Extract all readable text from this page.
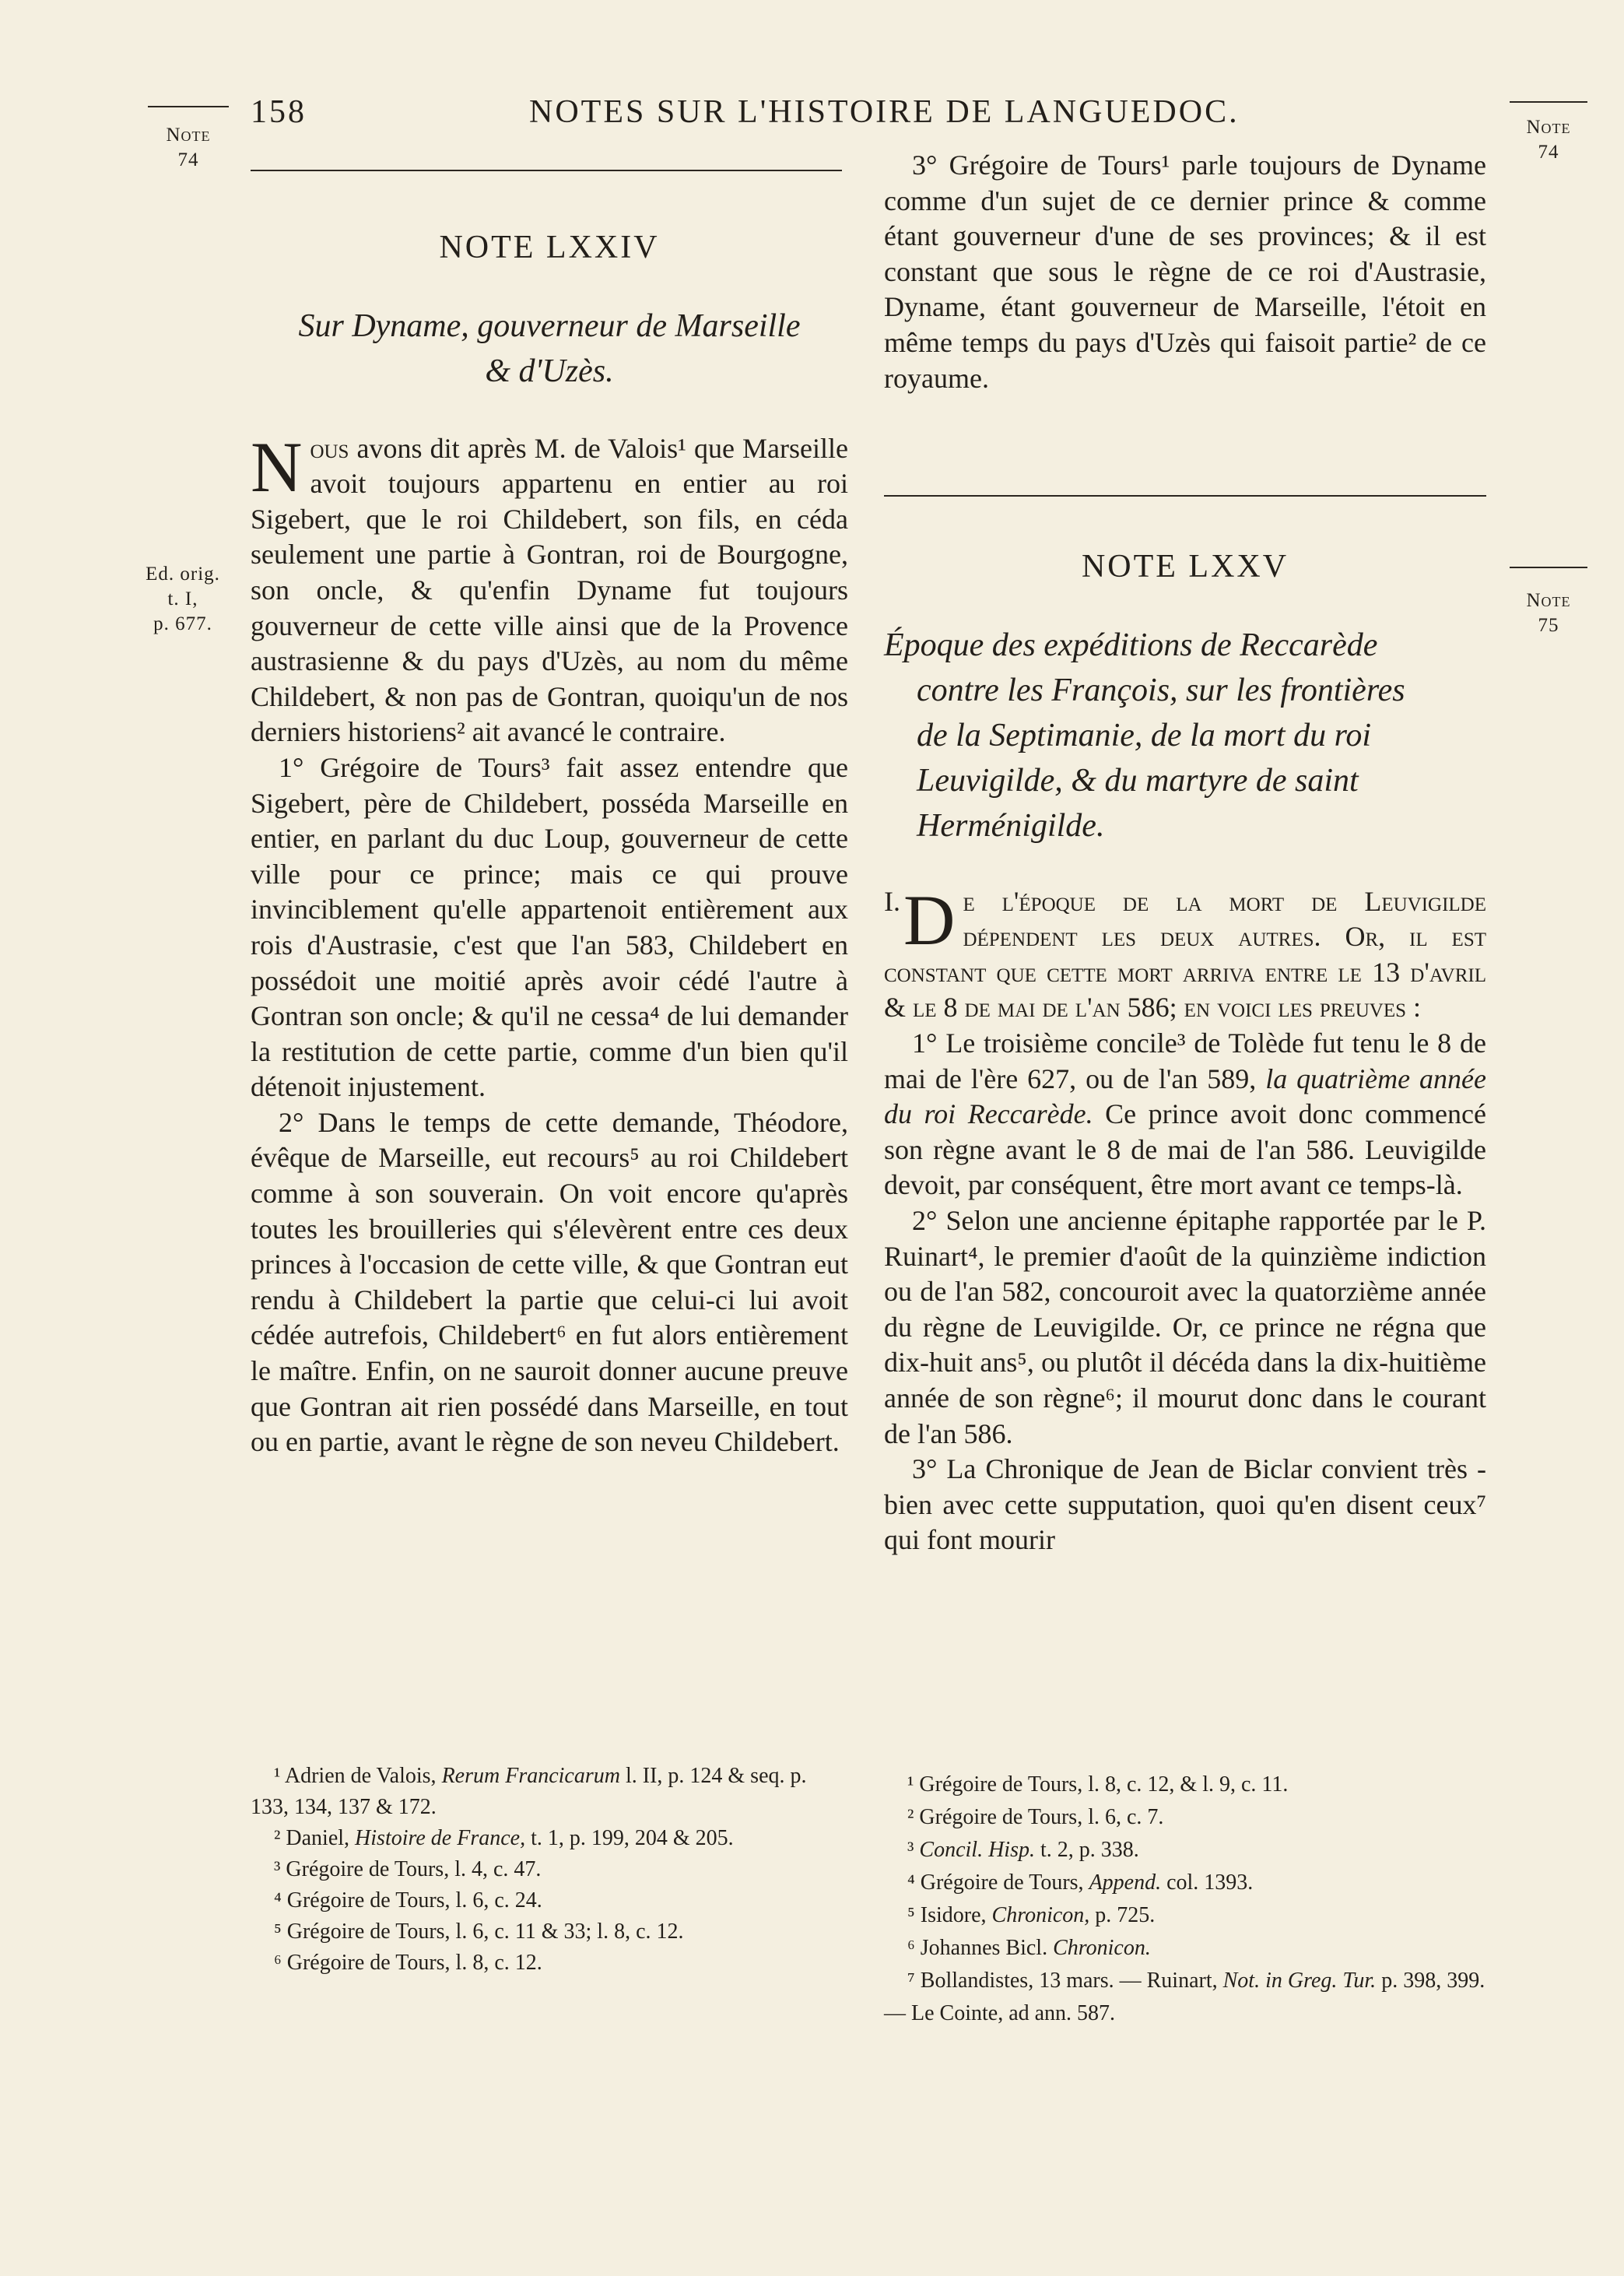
Note
74
Ed. orig.
t. I,
p. 677.
Note
74
Note
75
158	NOTES SUR L'HISTOIRE DE LANGUEDOC.
NOTE LXXIV
Sur Dyname, gouverneur de Marseille
& d'Uzès.

Nous avons dit après M. de Valois¹ que Marseille avoit toujours appartenu en entier au roi Sigebert, que le roi Childebert, son fils, en céda seulement une partie à Gontran, roi de Bourgogne, son oncle, & qu'enfin Dyname fut toujours gouverneur de cette ville ainsi que de la Provence austrasienne & du pays d'Uzès, au nom du même Childebert, & non pas de Gontran, quoiqu'un de nos derniers historiens² ait avancé le contraire.

1° Grégoire de Tours³ fait assez entendre que Sigebert, père de Childebert, posséda Marseille en entier, en parlant du duc Loup, gouverneur de cette ville pour ce prince; mais ce qui prouve invinciblement qu'elle appartenoit entièrement aux rois d'Austrasie, c'est que l'an 583, Childebert en possédoit une moitié après avoir cédé l'autre à Gontran son oncle; & qu'il ne cessa⁴ de lui demander la restitution de cette partie, comme d'un bien qu'il détenoit injustement.

2° Dans le temps de cette demande, Théodore, évêque de Marseille, eut recours⁵ au roi Childebert comme à son souverain. On voit encore qu'après toutes les brouilleries qui s'élevèrent entre ces deux princes à l'occasion de cette ville, & que Gontran eut rendu à Childebert la partie que celui-ci lui avoit cédée autrefois, Childebert⁶ en fut alors entièrement le maître. Enfin, on ne sauroit donner aucune preuve que Gontran ait rien possédé dans Marseille, en tout ou en partie, avant le règne de son neveu Childebert.

¹ Adrien de Valois, Rerum Francicarum l. II, p. 124 & seq. p. 133, 134, 137 & 172.

² Daniel, Histoire de France, t. 1, p. 199, 204 & 205.

³ Grégoire de Tours, l. 4, c. 47.

⁴ Grégoire de Tours, l. 6, c. 24.

⁵ Grégoire de Tours, l. 6, c. 11 & 33; l. 8, c. 12.

⁶ Grégoire de Tours, l. 8, c. 12.

3° Grégoire de Tours¹ parle toujours de Dyname comme d'un sujet de ce dernier prince & comme étant gouverneur d'une de ses provinces; & il est constant que sous le règne de ce roi d'Austrasie, Dyname, étant gouverneur de Marseille, l'étoit en même temps du pays d'Uzès qui faisoit partie² de ce royaume.

NOTE LXXV
Époque des expéditions de Reccarède
contre les François, sur les frontières
de la Septimanie, de la mort du roi
Leuvigilde, & du martyre de saint
Herménigilde.

I. D e l'époque de la mort de Leuvigilde dépendent les deux autres. Or, il est constant que cette mort arriva entre le 13 d'avril & le 8 de mai de l'an 586; en voici les preuves :

1° Le troisième concile³ de Tolède fut tenu le 8 de mai de l'ère 627, ou de l'an 589, la quatrième année du roi Reccarède. Ce prince avoit donc commencé son règne avant le 8 de mai de l'an 586. Leuvigilde devoit, par conséquent, être mort avant ce temps-là.

2° Selon une ancienne épitaphe rapportée par le P. Ruinart⁴, le premier d'août de la quinzième indiction ou de l'an 582, concouroit avec la quatorzième année du règne de Leuvigilde. Or, ce prince ne régna que dix-huit ans⁵, ou plutôt il décéda dans la dix-huitième année de son règne⁶; il mourut donc dans le courant de l'an 586.

3° La Chronique de Jean de Biclar convient très - bien avec cette supputation, quoi qu'en disent ceux⁷ qui font mourir

¹ Grégoire de Tours, l. 8, c. 12, & l. 9, c. 11.

² Grégoire de Tours, l. 6, c. 7.

³ Concil. Hisp. t. 2, p. 338.

⁴ Grégoire de Tours, Append. col. 1393.

⁵ Isidore, Chronicon, p. 725.

⁶ Johannes Bicl. Chronicon.

⁷ Bollandistes, 13 mars. — Ruinart, Not. in Greg. Tur. p. 398, 399. — Le Cointe, ad ann. 587.
